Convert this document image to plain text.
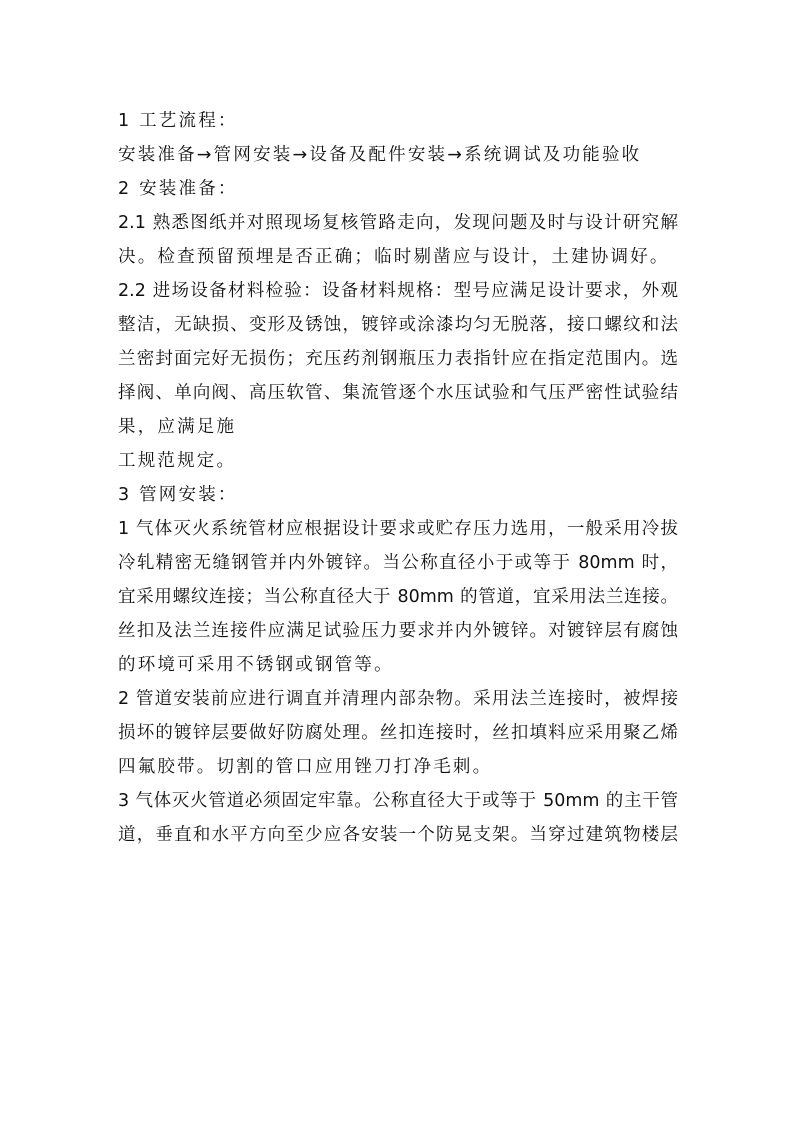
1 工艺流程：
安装准备→管网安装→设备及配件安装→系统调试及功能验收
2 安装准备：
2.1 熟悉图纸并对照现场复核管路走向，发现问题及时与设计研究解
决。检查预留预埋是否正确；临时剔凿应与设计，土建协调好。
2.2 进场设备材料检验：设备材料规格：型号应满足设计要求，外观
整洁，无缺损、变形及锈蚀，镀锌或涂漆均匀无脱落，接口螺纹和法
兰密封面完好无损伤；充压药剂钢瓶压力表指针应在指定范围内。选
择阀、单向阀、高压软管、集流管逐个水压试验和气压严密性试验结
果，应满足施
工规范规定。
3 管网安装：
1 气体灭火系统管材应根据设计要求或贮存压力选用，一般采用冷拔
冷轧精密无缝钢管并内外镀锌。当公称直径小于或等于 80mm 时，
宜采用螺纹连接；当公称直径大于 80mm 的管道，宜采用法兰连接。
丝扣及法兰连接件应满足试验压力要求并内外镀锌。对镀锌层有腐蚀
的环境可采用不锈钢或钢管等。
2 管道安装前应进行调直并清理内部杂物。采用法兰连接时，被焊接
损坏的镀锌层要做好防腐处理。丝扣连接时，丝扣填料应采用聚乙烯
四氟胶带。切割的管口应用锉刀打净毛刺。
3 气体灭火管道必须固定牢靠。公称直径大于或等于 50mm 的主干管
道，垂直和水平方向至少应各安装一个防晃支架。当穿过建筑物楼层
